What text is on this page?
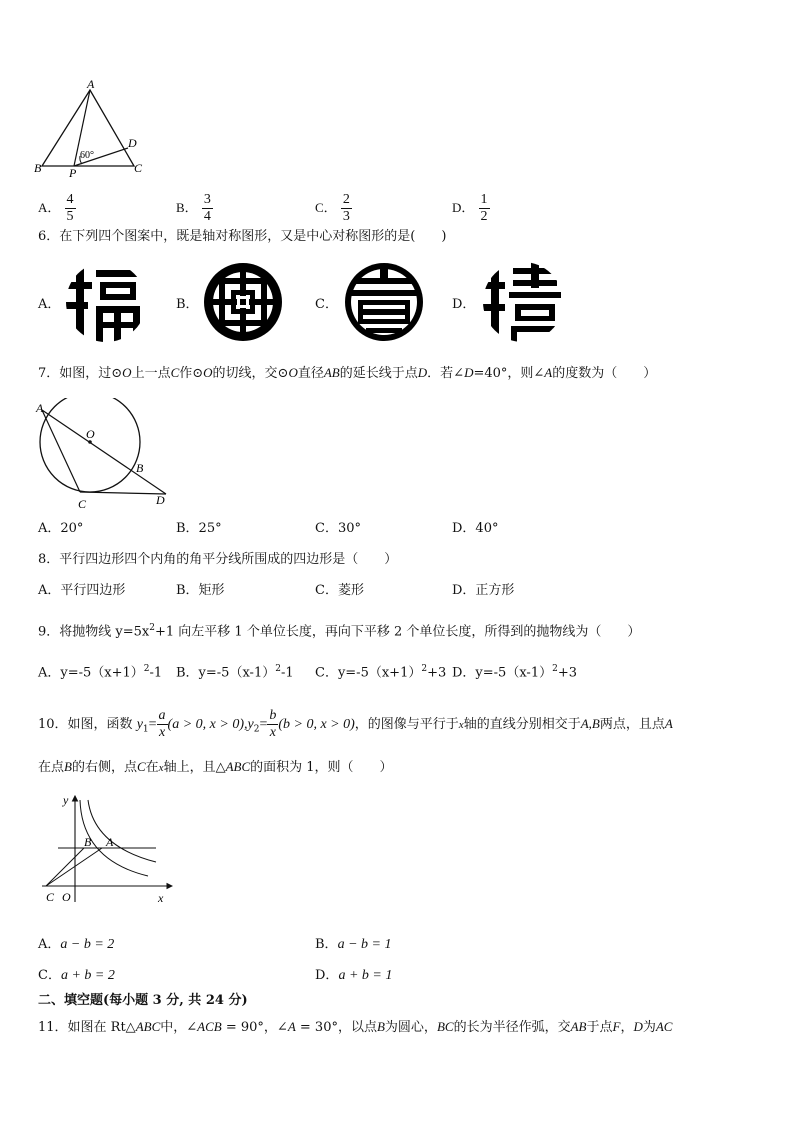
A
B	C
D
P
60°
A． $\frac{4}{5}$	B． $\frac{3}{4}$	C． $\frac{2}{3}$	D． $\frac{1}{2}$
6．在下列四个图案中，既是轴对称图形，又是中心对称图形的是(　　)
A．	B．	C．	D．
7．如图，过⊙O上一点C作⊙O的切线，交⊙O直径AB的延长线于点D．若∠D=40°，则∠A的度数为（　　）
A
O
B
C	D
A．20°	B．25°	C．30°	D．40°
8．平行四边形四个内角的角平分线所围成的四边形是（　　）
A．平行四边形	B．矩形	C．菱形	D．正方形
9．将抛物线 $y=5x^2+1$ 向左平移 1 个单位长度，再向下平移 2 个单位长度，所得到的抛物线为（　　）
A．$y=-5(x+1)^2-1$ B．$y=-5(x-1)^2-1$ C．$y=-5(x+1)^2+3$ D．$y=-5(x-1)^2+3$
10．如图，函数 $y_1= \frac{a}{x} (a > 0$, $x > 0),y_2= \frac{b}{x} (b > 0$, x > 0)，的图像与平行于x轴的直线分别相交于A,B两点，且点A
在点B的右侧，点C在x轴上，且△ABC的面积为 1，则（　　）
y
x
B A
C O
A．a − b = 2	B．a − b = 1
C．a + b = 2	D．a + b = 1
二、填空题(每小题 3 分, 共 24 分)
11．如图在 Rt△ABC中，∠ACB = 90°，∠A = 30°，以点B为圆心，BC的长为半径作弧，交AB于点F，D为AC
